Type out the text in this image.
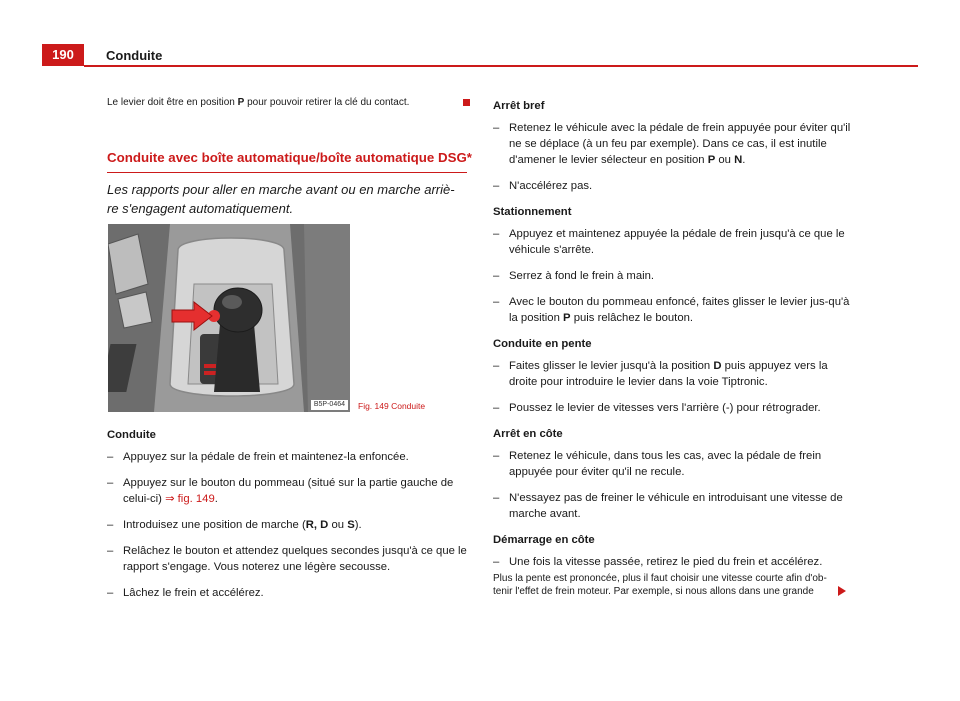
190	Conduite
Le levier doit être en position P pour pouvoir retirer la clé du contact.
Conduite avec boîte automatique/boîte automatique DSG*
Les rapports pour aller en marche avant ou en marche arriè-
re s'engagent automatiquement.
B5P-0464	Fig. 149 Conduite
Conduite
– Appuyez sur la pédale de frein et maintenez-la enfoncée.
– Appuyez sur le bouton du pommeau (situé sur la partie gauche de celui-ci) ⇒ fig. 149.
– Introduisez une position de marche (R, D ou S).
– Relâchez le bouton et attendez quelques secondes jusqu'à ce que le rapport s'engage. Vous noterez une légère secousse.
– Lâchez le frein et accélérez.
Arrêt bref
– Retenez le véhicule avec la pédale de frein appuyée pour éviter qu'il ne se déplace (à un feu par exemple). Dans ce cas, il est inutile d'amener le levier sélecteur en position P ou N.
– N'accélérez pas.
Stationnement
– Appuyez et maintenez appuyée la pédale de frein jusqu'à ce que le véhicule s'arrête.
– Serrez à fond le frein à main.
– Avec le bouton du pommeau enfoncé, faites glisser le levier jus-qu'à la position P puis relâchez le bouton.
Conduite en pente
– Faites glisser le levier jusqu'à la position D puis appuyez vers la droite pour introduire le levier dans la voie Tiptronic.
– Poussez le levier de vitesses vers l'arrière (-) pour rétrograder.
Arrêt en côte
– Retenez le véhicule, dans tous les cas, avec la pédale de frein appuyée pour éviter qu'il ne recule.
– N'essayez pas de freiner le véhicule en introduisant une vitesse de marche avant.
Démarrage en côte
– Une fois la vitesse passée, retirez le pied du frein et accélérez.
Plus la pente est prononcée, plus il faut choisir une vitesse courte afin d'ob-
tenir l'effet de frein moteur. Par exemple, si nous allons dans une grande
